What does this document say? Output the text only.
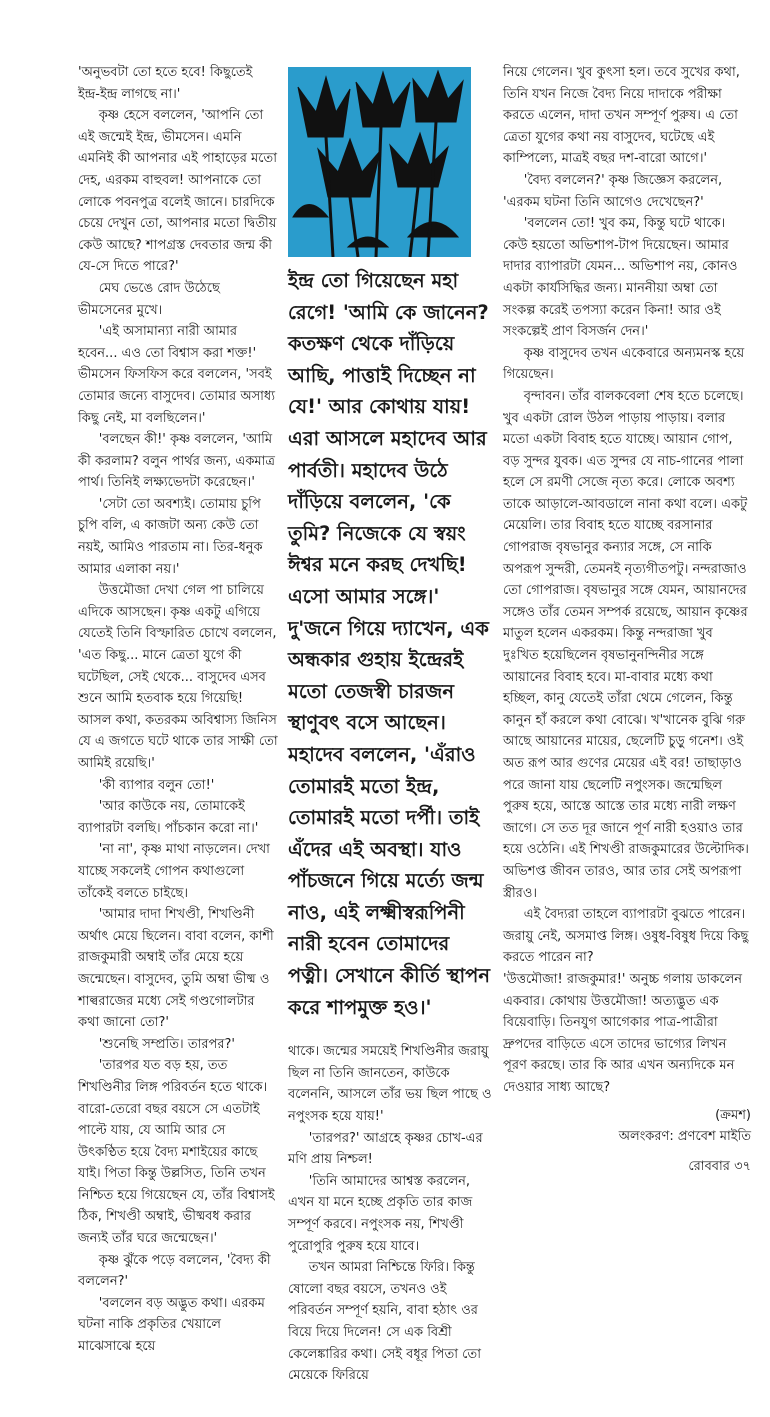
'অনুভবটা তো হতে হবে! কিছুতেই ইন্দ্র-ইন্দ্র লাগছে না।'

কৃষ্ণ হেসে বললেন, 'আপনি তো এই জন্মেই ইন্দ্র, ভীমসেন। এমনি এমনিই কী আপনার এই পাহাড়ের মতো দেহ, এরকম বাহুবল! আপনাকে তো লোকে পবনপুত্র বলেই জানে। চারদিকে চেয়ে দেখুন তো, আপনার মতো দ্বিতীয় কেউ আছে? শাপগ্রস্ত দেবতার জন্ম কী যে-সে দিতে পারে?'

মেঘ ভেঙে রোদ উঠেছে ভীমসেনের মুখে।

'এই অসামান্যা নারী আমার হবেন... এও তো বিশ্বাস করা শক্ত!' ভীমসেন ফিসফিস করে বললেন, 'সবই তোমার জন্যে বাসুদেব। তোমার অসাধ্য কিছু নেই, মা বলছিলেন।'

'বলছেন কী!' কৃষ্ণ বললেন, 'আমি কী করলাম? বলুন পার্থর জন্য, একমাত্র পার্থ। তিনিই লক্ষ্যভেদটা করেছেন।'

'সেটা তো অবশ্যই। তোমায় চুপি চুপি বলি, এ কাজটা অন্য কেউ তো নয়ই, আমিও পারতাম না। তির-ধনুক আমার এলাকা নয়।'

উত্তমৌজা দেখা গেল পা চালিয়ে এদিকে আসছেন। কৃষ্ণ একটু এগিয়ে যেতেই তিনি বিস্ফারিত চোখে বললেন, 'এত কিছু... মানে ত্রেতা যুগে কী ঘটেছিল, সেই থেকে... বাসুদেব এসব শুনে আমি হতবাক হয়ে গিয়েছি! আসল কথা, কতরকম অবিশ্বাস্য জিনিস যে এ জগতে ঘটে থাকে তার সাক্ষী তো আমিই রয়েছি।'

'কী ব্যাপার বলুন তো!'

'আর কাউকে নয়, তোমাকেই ব্যাপারটা বলছি। পাঁচকান করো না।'

'না না', কৃষ্ণ মাথা নাড়লেন। দেখা যাচ্ছে সকলেই গোপন কথাগুলো তাঁকেই বলতে চাইছে।

'আমার দাদা শিখণ্ডী, শিখণ্ডিনী অর্থাৎ মেয়ে ছিলেন। বাবা বলেন, কাশী রাজকুমারী অম্বাই তাঁর মেয়ে হয়ে জন্মেছেন। বাসুদেব, তুমি অম্বা ভীষ্ম ও শাল্বরাজের মধ্যে সেই গণ্ডগোলটার কথা জানো তো?'

'শুনেছি সম্প্রতি। তারপর?'

'তারপর যত বড় হয়, তত শিখণ্ডিনীর লিঙ্গ পরিবর্তন হতে থাকে। বারো-তেরো বছর বয়সে সে এতটাই পাল্টে যায়, যে আমি আর সে উৎকণ্ঠিত হয়ে বৈদ্য মশাইয়ের কাছে যাই। পিতা কিন্তু উল্লসিত, তিনি তখন নিশ্চিত হয়ে গিয়েছেন যে, তাঁর বিশ্বাসই ঠিক, শিখণ্ডী অম্বাই, ভীষ্মবধ করার জন্যই তাঁর ঘরে জন্মেছেন।'

কৃষ্ণ ঝুঁকে পড়ে বললেন, 'বৈদ্য কী বললেন?'

'বললেন বড় অদ্ভুত কথা। এরকম ঘটনা নাকি প্রকৃতির খেয়ালে মাঝেসাঝে হয়ে

ইন্দ্র তো গিয়েছেন মহা রেগে! 'আমি কে জানেন? কতক্ষণ থেকে দাঁড়িয়ে আছি, পাত্তাই দিচ্ছেন না যে!' আর কোথায় যায়! এরা আসলে মহাদেব আর পার্বতী। মহাদেব উঠে দাঁড়িয়ে বললেন, 'কে তুমি? নিজেকে যে স্বয়ং ঈশ্বর মনে করছ দেখছি! এসো আমার সঙ্গে।' দু'জনে গিয়ে দ্যাখেন, এক অন্ধকার গুহায় ইন্দ্রেরই মতো তেজস্বী চারজন স্থাণুবৎ বসে আছেন। মহাদেব বললেন, 'এঁরাও তোমারই মতো ইন্দ্র, তোমারই মতো দর্পী। তাই এঁদের এই অবস্থা। যাও পাঁচজনে গিয়ে মর্ত্যে জন্ম নাও, এই লক্ষ্মীস্বরূপিনী নারী হবেন তোমাদের পত্নী। সেখানে কীর্তি স্থাপন করে শাপমুক্ত হও।'

থাকে। জন্মের সময়েই শিখণ্ডিনীর জরায়ু ছিল না তিনি জানতেন, কাউকে বলেননি, আসলে তাঁর ভয় ছিল পাছে ও নপুংসক হয়ে যায়!'

'তারপর?' আগ্রহে কৃষ্ণর চোখ-এর মণি প্রায় নিশ্চল!

'তিনি আমাদের আশ্বস্ত করলেন, এখন যা মনে হচ্ছে প্রকৃতি তার কাজ সম্পূর্ণ করবে। নপুংসক নয়, শিখণ্ডী পুরোপুরি পুরুষ হয়ে যাবে।

তখন আমরা নিশ্চিন্তে ফিরি। কিন্তু ষোলো বছর বয়সে, তখনও ওই পরিবর্তন সম্পূর্ণ হয়নি, বাবা হঠাৎ ওর বিয়ে দিয়ে দিলেন! সে এক বিশ্রী কেলেঙ্কারির কথা। সেই বধূর পিতা তো মেয়েকে ফিরিয়ে

নিয়ে গেলেন। খুব কুৎসা হল। তবে সুখের কথা, তিনি যখন নিজে বৈদ্য নিয়ে দাদাকে পরীক্ষা করতে এলেন, দাদা তখন সম্পূর্ণ পুরুষ। এ তো ত্রেতা যুগের কথা নয় বাসুদেব, ঘটেছে এই কাম্পিল্যে, মাত্রই বছর দশ-বারো আগে।'

'বৈদ্য বললেন?' কৃষ্ণ জিজ্ঞেস করলেন, 'এরকম ঘটনা তিনি আগেও দেখেছেন?'

'বললেন তো! খুব কম, কিন্তু ঘটে থাকে। কেউ হয়তো অভিশাপ-টাপ দিয়েছেন। আমার দাদার ব্যাপারটা যেমন... অভিশাপ নয়, কোনও একটা কার্যসিদ্ধির জন্য। মাননীয়া অম্বা তো সংকল্প করেই তপস্যা করেন কিনা! আর ওই সংকল্পেই প্রাণ বিসর্জন দেন।'

কৃষ্ণ বাসুদেব তখন একেবারে অন্যমনস্ক হয়ে গিয়েছেন।

বৃন্দাবন। তাঁর বালকবেলা শেষ হতে চলেছে। খুব একটা রোল উঠল পাড়ায় পাড়ায়। বলার মতো একটা বিবাহ হতে যাচ্ছে। আয়ান গোপ, বড় সুন্দর যুবক। এত সুন্দর যে নাচ-গানের পালা হলে সে রমণী সেজে নৃত্য করে। লোকে অবশ্য তাকে আড়ালে-আবডালে নানা কথা বলে। একটু মেয়েলি। তার বিবাহ হতে যাচ্ছে বরসানার গোপরাজ বৃষভানুর কন্যার সঙ্গে, সে নাকি অপরূপ সুন্দরী, তেমনই নৃত্যগীতপটু। নন্দরাজাও তো গোপরাজ। বৃষভানুর সঙ্গে যেমন, আয়ানদের সঙ্গেও তাঁর তেমন সম্পর্ক রয়েছে, আয়ান কৃষ্ণের মাতুল হলেন একরকম। কিন্তু নন্দরাজা খুব দুঃখিত হয়েছিলেন বৃষভানুনন্দিনীর সঙ্গে আয়ানের বিবাহ হবে। মা-বাবার মধ্যে কথা হচ্ছিল, কানু যেতেই তাঁরা থেমে গেলেন, কিন্তু কানুন হাঁ করলে কথা বোঝে। খ'খানেক বুঝি গরু আছে আয়ানের মায়ের, ছেলেটি চুড়ু গনেশ। ওই অত রূপ আর গুণের মেয়ের এই বর! তাছাড়াও পরে জানা যায় ছেলেটি নপুংসক। জন্মেছিল পুরুষ হয়ে, আস্তে আস্তে তার মধ্যে নারী লক্ষণ জাগে। সে তত দূর জানে পূর্ণ নারী হওয়াও তার হয়ে ওঠেনি। এই শিখণ্ডী রাজকুমারের উল্টোদিক। অভিশপ্ত জীবন তারও, আর তার সেই অপরূপা স্ত্রীরও।

এই বৈদ্যরা তাহলে ব্যাপারটা বুঝতে পারেন। জরায়ু নেই, অসমাপ্ত লিঙ্গ। ওষুধ-বিষুধ দিয়ে কিছু করতে পারেন না?

'উত্তমৌজা! রাজকুমার!' অনুচ্চ গলায় ডাকলেন একবার। কোথায় উত্তমৌজা! অত্যদ্ভুত এক বিয়েবাড়ি। তিনযুগ আগেকার পাত্র-পাত্রীরা দ্রুপদের বাড়িতে এসে তাদের ভাগ্যের লিখন পূরণ করছে। তার কি আর এখন অন্যদিকে মন দেওয়ার সাধ্য আছে?

(ক্রমশ)
অলংকরণ: প্রণবেশ মাইতি
রোববার ৩৭
